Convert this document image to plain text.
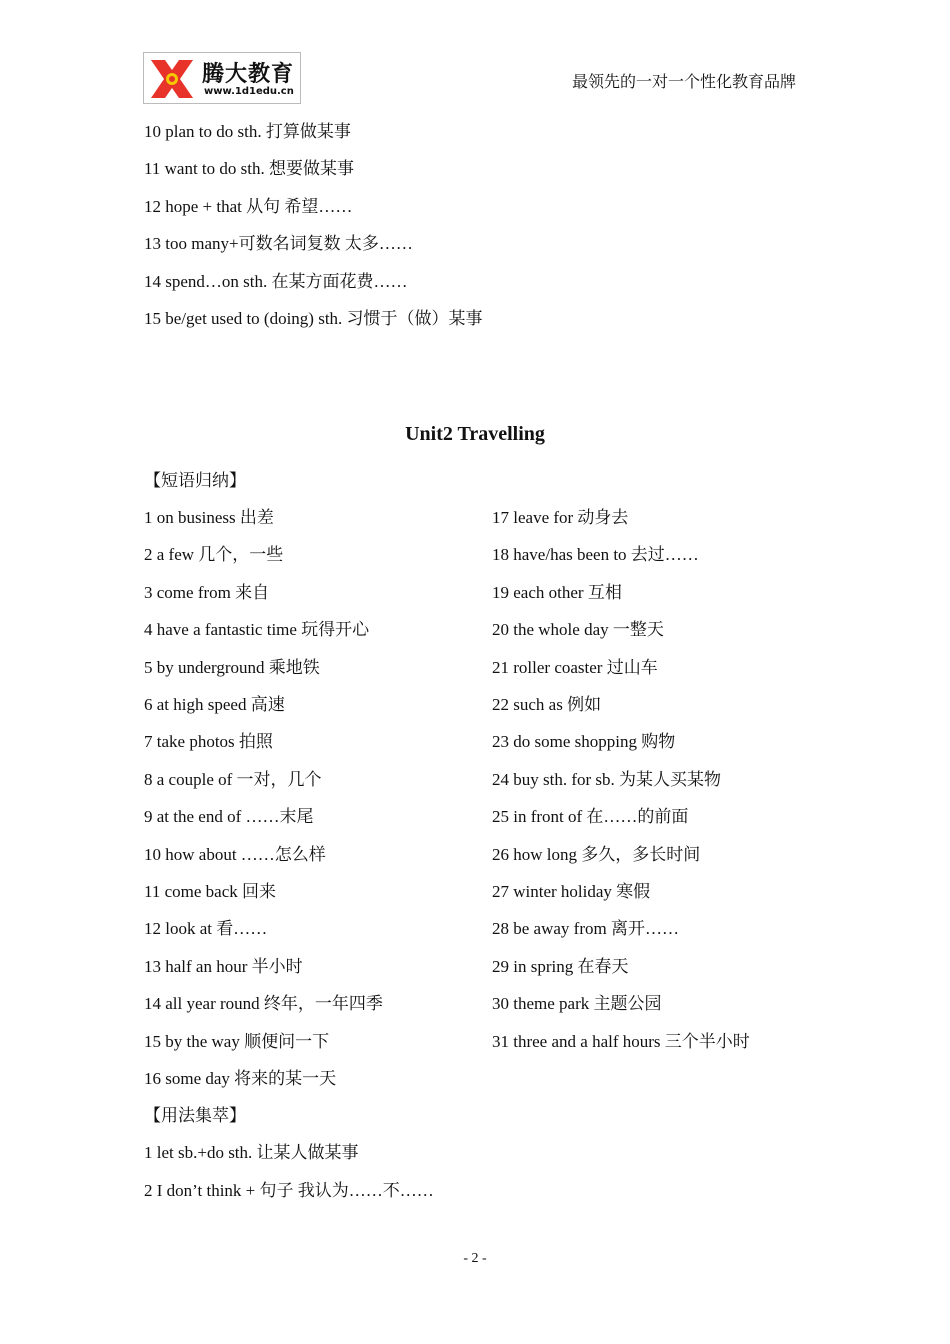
腾大教育
www.1d1edu.cn
最领先的一对一个性化教育品牌
10 plan to do sth. 打算做某事
11 want to do sth. 想要做某事
12 hope + that 从句 希望……
13 too many+可数名词复数 太多……
14 spend…on sth. 在某方面花费……
15 be/get used to (doing) sth. 习惯于（做）某事
Unit2 Travelling
【短语归纳】
1 on business 出差
2 a few 几个，一些
3 come from 来自
4 have a fantastic time 玩得开心
5 by underground 乘地铁
6 at high speed 高速
7 take photos 拍照
8 a couple of 一对，几个
9 at the end of ……末尾
10 how about ……怎么样
11 come back 回来
12 look at 看……
13 half an hour 半小时
14 all year round 终年，一年四季
15 by the way 顺便问一下
16 some day 将来的某一天
17 leave for 动身去
18 have/has been to 去过……
19 each other 互相
20 the whole day 一整天
21 roller coaster 过山车
22 such as 例如
23 do some shopping 购物
24 buy sth. for sb. 为某人买某物
25 in front of 在……的前面
26 how long 多久，多长时间
27 winter holiday 寒假
28 be away from 离开……
29 in spring 在春天
30 theme park 主题公园
31 three and a half hours 三个半小时
【用法集萃】
1 let sb.+do sth. 让某人做某事
2 I don’t think + 句子 我认为……不……
- 2 -
